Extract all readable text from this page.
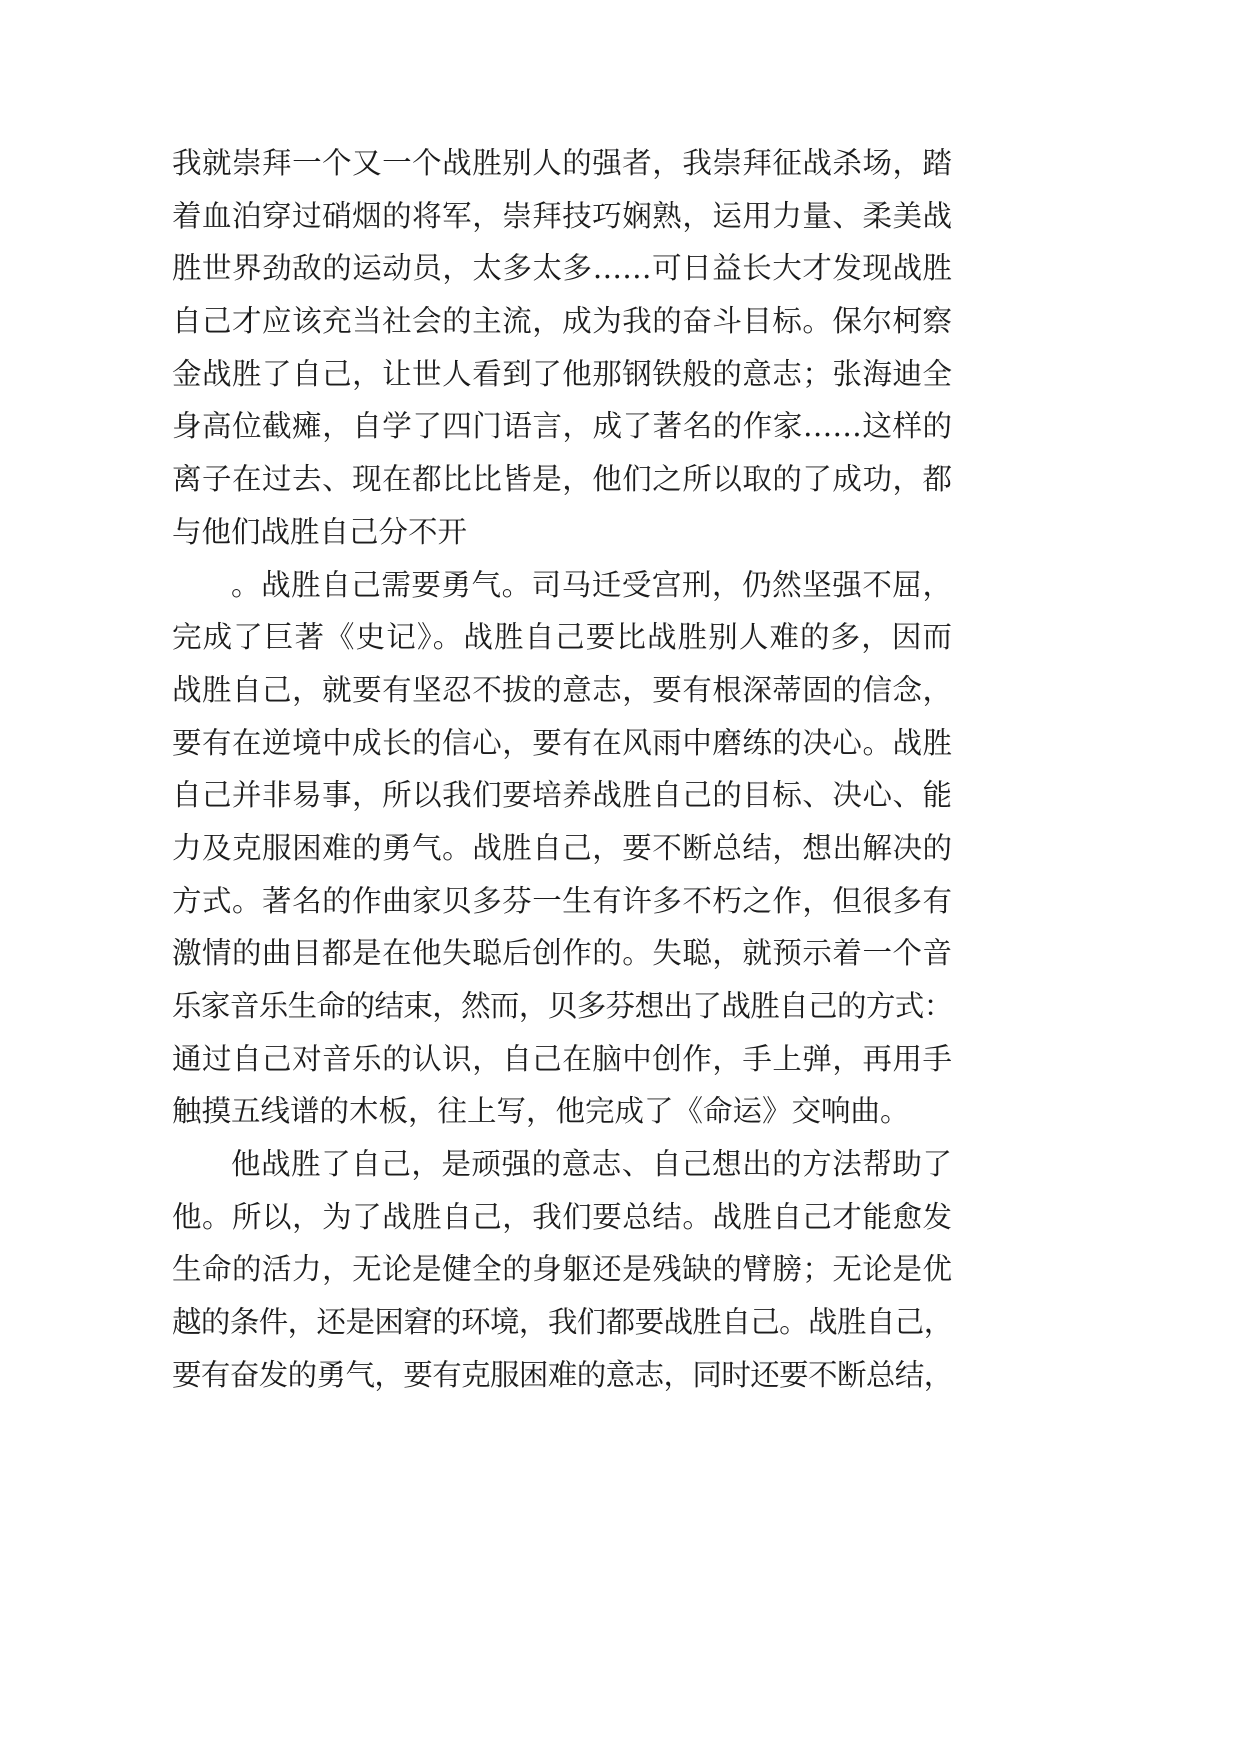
我就崇拜一个又一个战胜别人的强者，我崇拜征战杀场，踏
着血泊穿过硝烟的将军，崇拜技巧娴熟，运用力量、柔美战
胜世界劲敌的运动员，太多太多……可日益长大才发现战胜
自己才应该充当社会的主流，成为我的奋斗目标。保尔柯察
金战胜了自己，让世人看到了他那钢铁般的意志；张海迪全
身高位截瘫，自学了四门语言，成了著名的作家……这样的
离子在过去、现在都比比皆是，他们之所以取的了成功，都
与他们战胜自己分不开
。战胜自己需要勇气。司马迁受宫刑，仍然坚强不屈，
完成了巨著《史记》。战胜自己要比战胜别人难的多，因而
战胜自己，就要有坚忍不拔的意志，要有根深蒂固的信念，
要有在逆境中成长的信心，要有在风雨中磨练的决心。战胜
自己并非易事，所以我们要培养战胜自己的目标、决心、能
力及克服困难的勇气。战胜自己，要不断总结，想出解决的
方式。著名的作曲家贝多芬一生有许多不朽之作，但很多有
激情的曲目都是在他失聪后创作的。失聪，就预示着一个音
乐家音乐生命的结束，然而，贝多芬想出了战胜自己的方式：
通过自己对音乐的认识，自己在脑中创作，手上弹，再用手
触摸五线谱的木板，往上写，他完成了《命运》交响曲。
他战胜了自己，是顽强的意志、自己想出的方法帮助了
他。所以，为了战胜自己，我们要总结。战胜自己才能愈发
生命的活力，无论是健全的身躯还是残缺的臂膀；无论是优
越的条件，还是困窘的环境，我们都要战胜自己。战胜自己，
要有奋发的勇气，要有克服困难的意志，同时还要不断总结，
